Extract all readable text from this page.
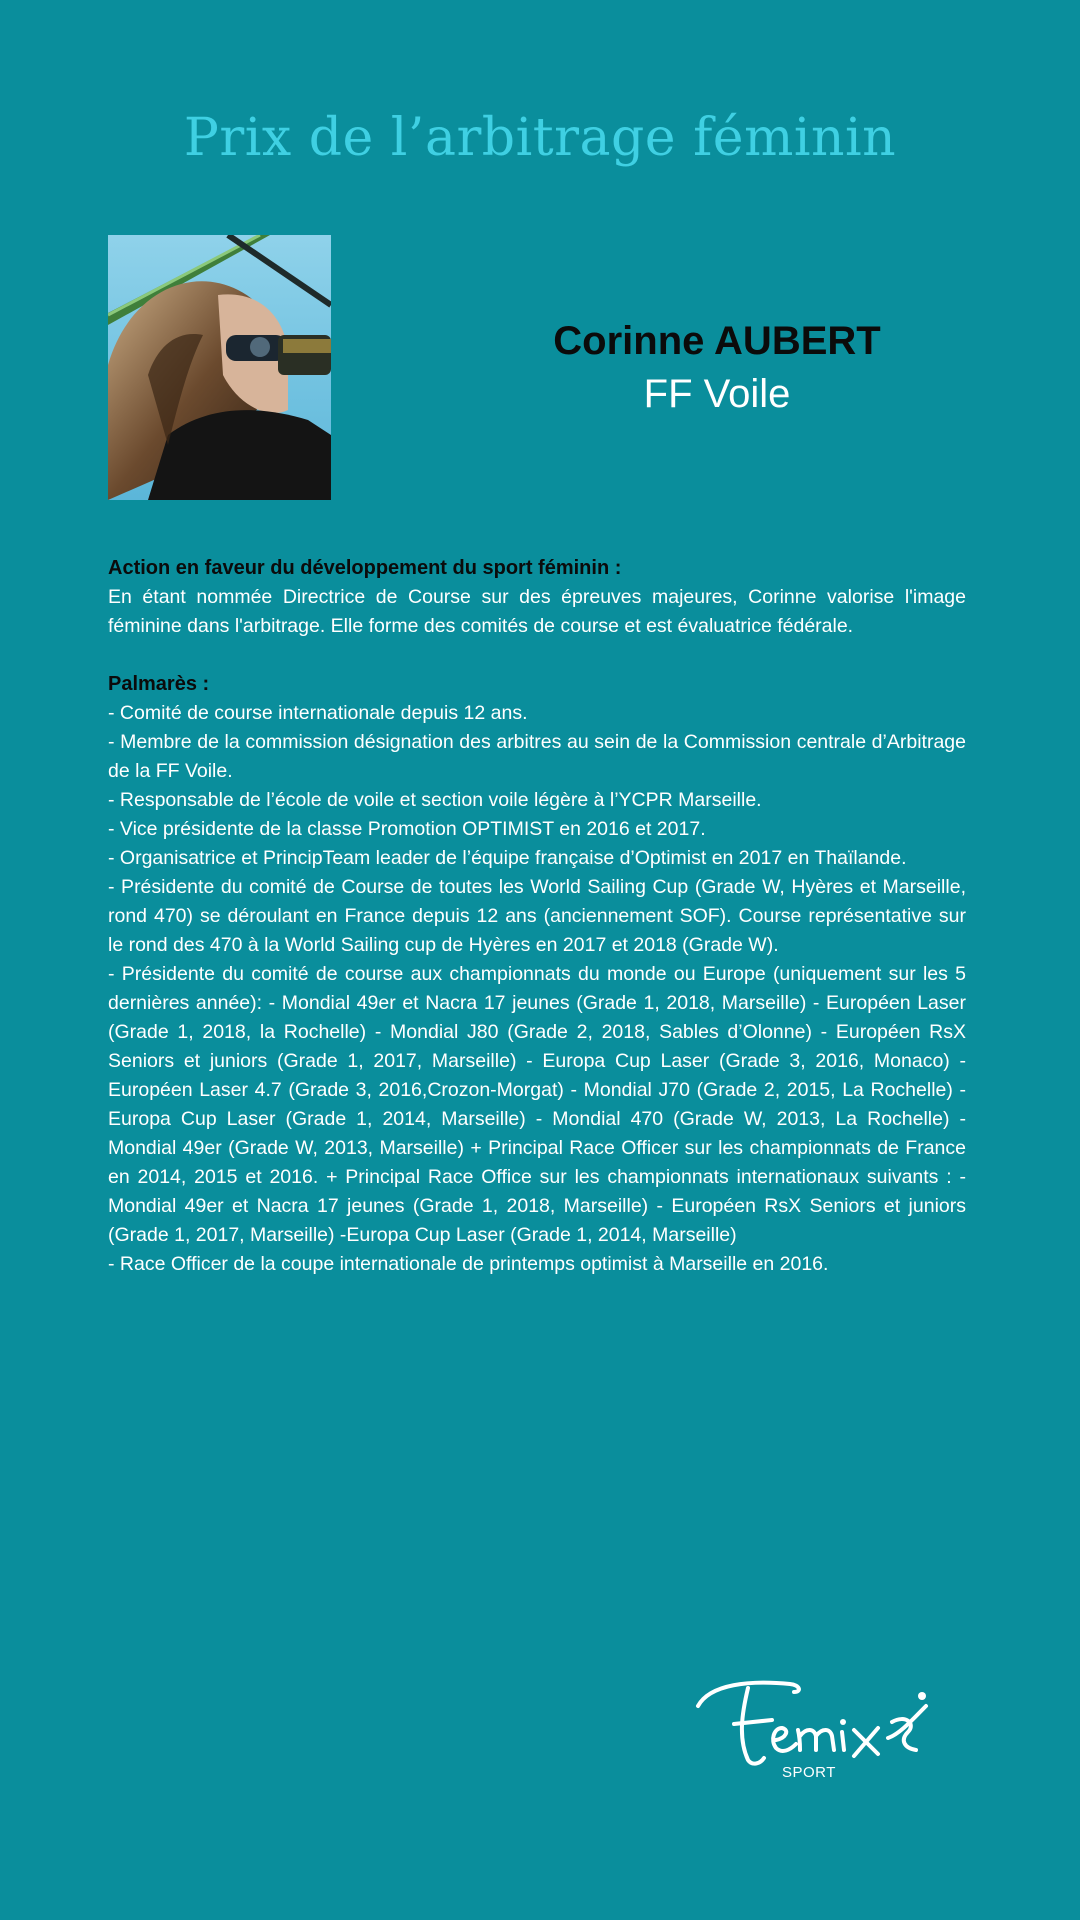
Prix de l’arbitrage féminin
Corinne AUBERT
FF Voile
Action en faveur du développement du sport féminin :

En étant nommée Directrice de Course sur des épreuves majeures, Corinne valorise l'image féminine dans l'arbitrage. Elle forme des comités de course et est évaluatrice fédérale.

Palmarès :

- Comité de course internationale depuis 12 ans.

- Membre de la commission désignation des arbitres au sein de la Commission centrale d’Arbitrage de la FF Voile.

- Responsable de l’école de voile et section voile légère à l’YCPR Marseille.

- Vice présidente de la classe Promotion OPTIMIST en 2016 et 2017.

- Organisatrice et PrincipTeam leader de l’équipe française d’Optimist en 2017 en Thaïlande.

- Présidente du comité de Course de toutes les World Sailing Cup (Grade W, Hyères et Marseille, rond 470) se déroulant en France depuis 12 ans (anciennement SOF). Course représentative sur le rond des 470 à la World Sailing cup de Hyères en 2017 et 2018 (Grade W).

- Présidente du comité de course aux championnats du monde ou Europe (uniquement sur les 5 dernières année): - Mondial 49er et Nacra 17 jeunes (Grade 1, 2018, Marseille) - Européen Laser (Grade 1, 2018, la Rochelle) - Mondial J80 (Grade 2, 2018, Sables d’Olonne) - Européen RsX Seniors et juniors (Grade 1, 2017, Marseille) - Europa Cup Laser (Grade 3, 2016, Monaco) - Européen Laser 4.7 (Grade 3, 2016,Crozon-Morgat) - Mondial J70 (Grade 2, 2015, La Rochelle) - Europa Cup Laser (Grade 1, 2014, Marseille) - Mondial 470 (Grade W, 2013, La Rochelle) - Mondial 49er (Grade W, 2013, Marseille) + Principal Race Officer sur les championnats de France en 2014, 2015 et 2016. + Principal Race Office sur les championnats internationaux suivants : - Mondial 49er et Nacra 17 jeunes (Grade 1, 2018, Marseille) - Européen RsX Seniors et juniors (Grade 1, 2017, Marseille) -Europa Cup Laser (Grade 1, 2014, Marseille)

- Race Officer de la coupe internationale de printemps optimist à Marseille en 2016.

SPORT
